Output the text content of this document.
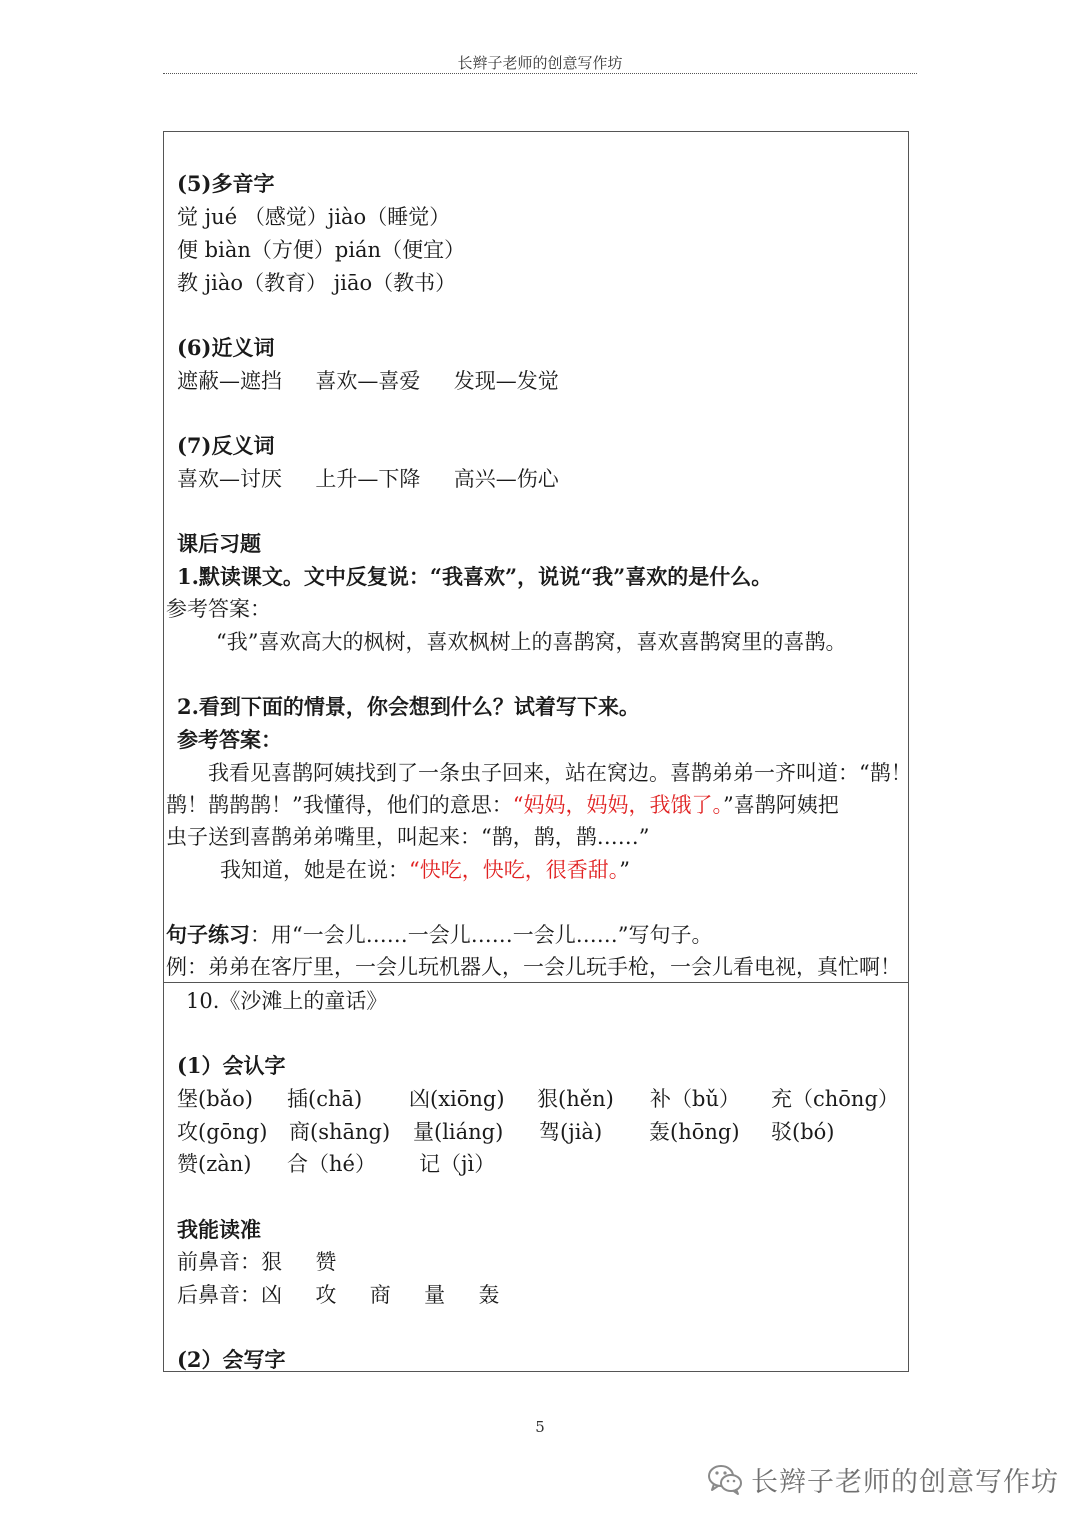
长辫子老师的创意写作坊
(5)多音字
觉 jué （感觉）jiào（睡觉）
便 biàn（方便）pián（便宜）
教 jiào（教育） jiāo（教书）
(6)近义词
遮蔽—遮挡     喜欢—喜爱     发现—发觉
(7)反义词
喜欢—讨厌     上升—下降     高兴—伤心
课后习题
1.默读课文。文中反复说：“我喜欢”，说说“我”喜欢的是什么。
参考答案：
“我”喜欢高大的枫树，喜欢枫树上的喜鹊窝，喜欢喜鹊窝里的喜鹊。
2.看到下面的情景，你会想到什么？试着写下来。
参考答案：
我看见喜鹊阿姨找到了一条虫子回来，站在窝边。喜鹊弟弟一齐叫道：“鹊！
鹊！鹊鹊鹊！”我懂得，他们的意思：“妈妈，妈妈，我饿了。”喜鹊阿姨把
虫子送到喜鹊弟弟嘴里，叫起来：“鹊，鹊，鹊……”
我知道，她是在说：“快吃，快吃，很香甜。”
句子练习：用“一会儿……一会儿……一会儿……”写句子。
例：弟弟在客厅里，一会儿玩机器人，一会儿玩手枪，一会儿看电视，真忙啊！
10.《沙滩上的童话》
(1）会认字
堡(bǎo) 插(chā) 凶(xiōng) 狠(hěn) 补（bǔ） 充（chōng）
攻(gōng) 商(shāng) 量(liáng) 驾(jià) 轰(hōng) 驳(bó)
赞(zàn) 合（hé） 记（jì）
我能读准
前鼻音：狠     赞
后鼻音：凶     攻     商     量     轰
(2）会写字
5
长辫子老师的创意写作坊
